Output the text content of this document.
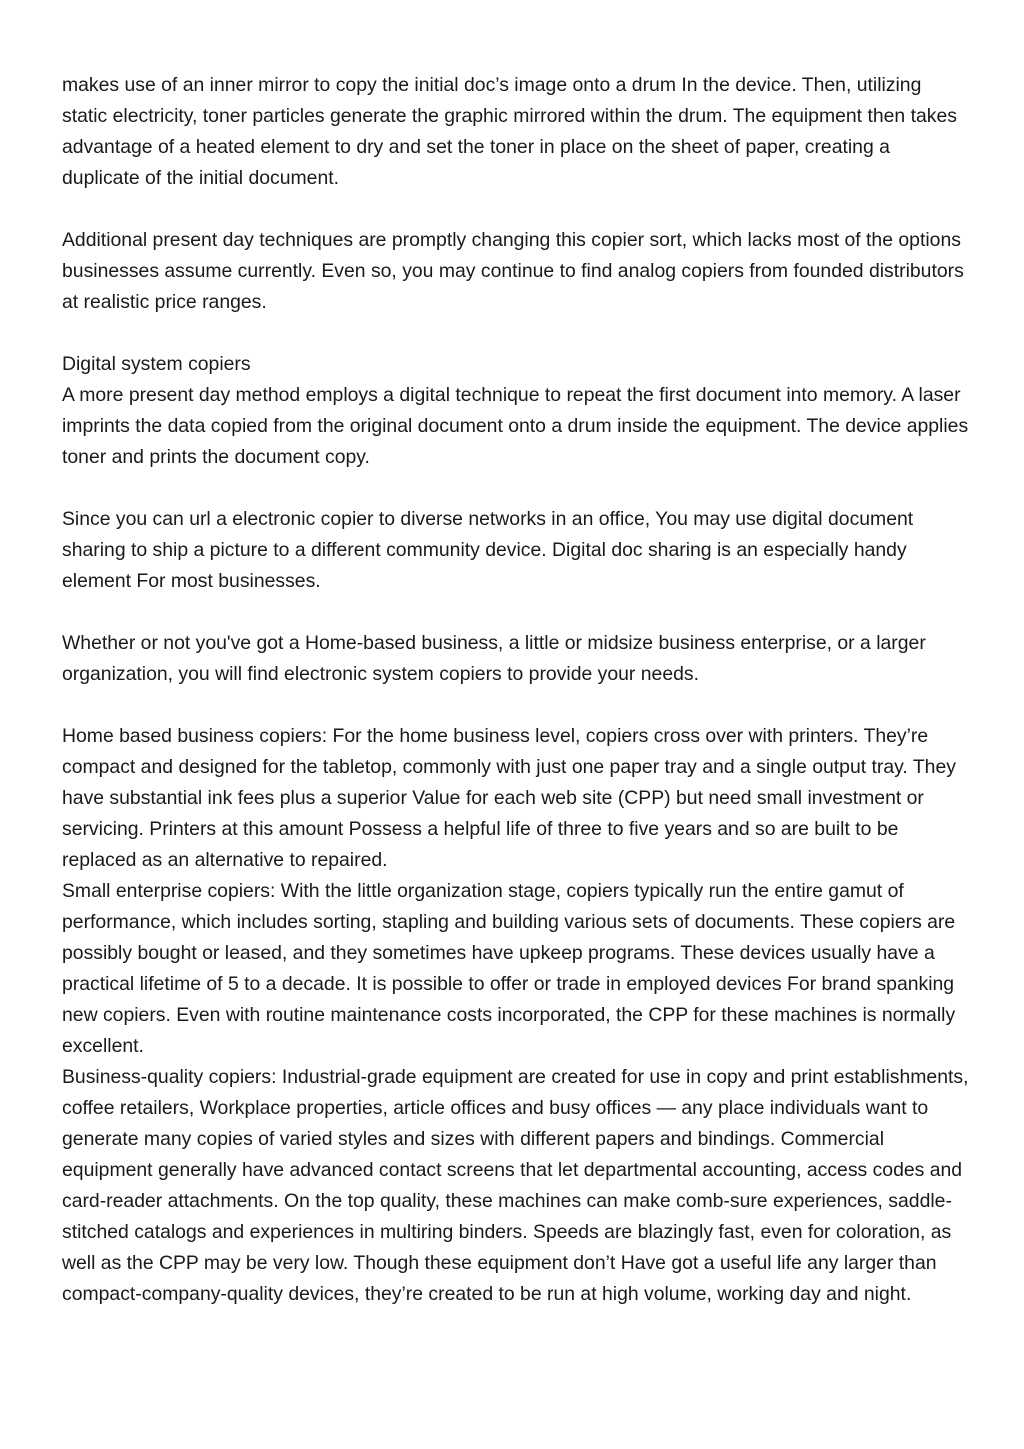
makes use of an inner mirror to copy the initial doc’s image onto a drum In the device. Then, utilizing static electricity, toner particles generate the graphic mirrored within the drum. The equipment then takes advantage of a heated element to dry and set the toner in place on the sheet of paper, creating a duplicate of the initial document.

Additional present day techniques are promptly changing this copier sort, which lacks most of the options businesses assume currently. Even so, you may continue to find analog copiers from founded distributors at realistic price ranges.

Digital system copiers

A more present day method employs a digital technique to repeat the first document into memory. A laser imprints the data copied from the original document onto a drum inside the equipment. The device applies toner and prints the document copy.

Since you can url a electronic copier to diverse networks in an office, You may use digital document sharing to ship a picture to a different community device. Digital doc sharing is an especially handy element For most businesses.

Whether or not you've got a Home-based business, a little or midsize business enterprise, or a larger organization, you will find electronic system copiers to provide your needs.

Home based business copiers: For the home business level, copiers cross over with printers. They’re compact and designed for the tabletop, commonly with just one paper tray and a single output tray. They have substantial ink fees plus a superior Value for each web site (CPP) but need small investment or servicing. Printers at this amount Possess a helpful life of three to five years and so are built to be replaced as an alternative to repaired.

Small enterprise copiers: With the little organization stage, copiers typically run the entire gamut of performance, which includes sorting, stapling and building various sets of documents. These copiers are possibly bought or leased, and they sometimes have upkeep programs. These devices usually have a practical lifetime of 5 to a decade. It is possible to offer or trade in employed devices For brand spanking new copiers. Even with routine maintenance costs incorporated, the CPP for these machines is normally excellent.

Business-quality copiers: Industrial-grade equipment are created for use in copy and print establishments, coffee retailers, Workplace properties, article offices and busy offices — any place individuals want to generate many copies of varied styles and sizes with different papers and bindings. Commercial equipment generally have advanced contact screens that let departmental accounting, access codes and card-reader attachments. On the top quality, these machines can make comb-sure experiences, saddle-stitched catalogs and experiences in multiring binders. Speeds are blazingly fast, even for coloration, as well as the CPP may be very low. Though these equipment don’t Have got a useful life any larger than compact-company-quality devices, they’re created to be run at high volume, working day and night.
